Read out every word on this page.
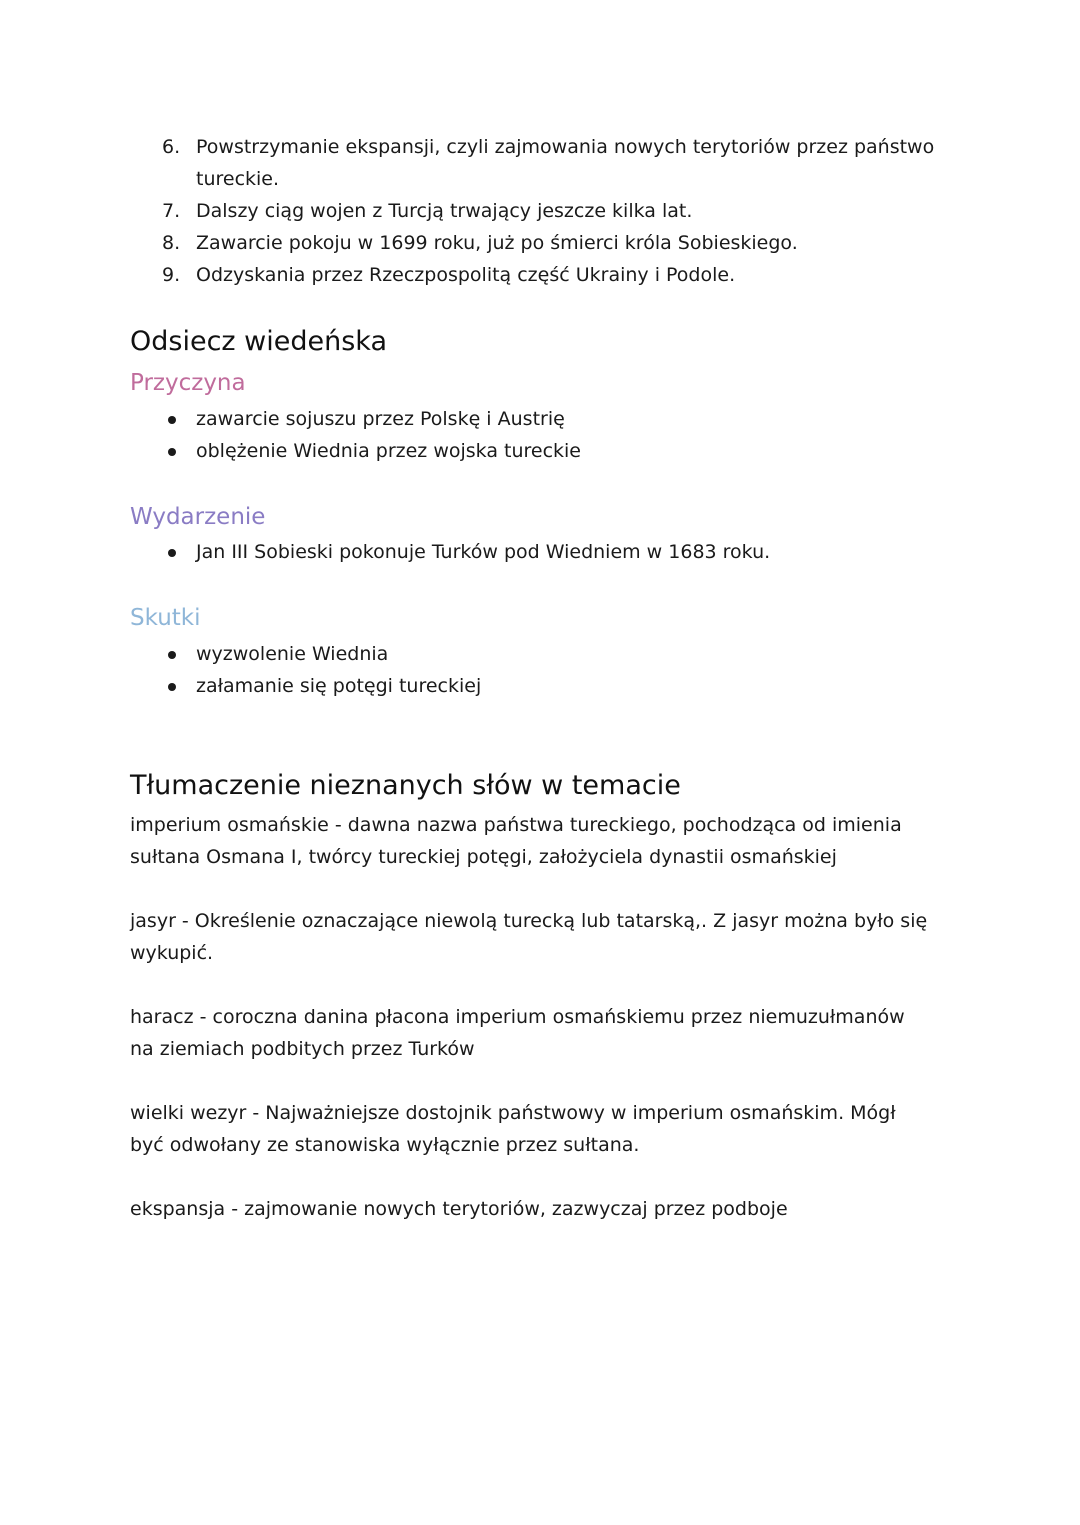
6. Powstrzymanie ekspansji, czyli zajmowania nowych terytoriów przez państwo tureckie.
7. Dalszy ciąg wojen z Turcją trwający jeszcze kilka lat.
8. Zawarcie pokoju w 1699 roku, już po śmierci króla Sobieskiego.
9. Odzyskania przez Rzeczpospolitą część Ukrainy i Podole.
Odsiecz wiedeńska
Przyczyna
zawarcie sojuszu przez Polskę i Austrię
oblężenie Wiednia przez wojska tureckie
Wydarzenie
Jan III Sobieski pokonuje Turków pod Wiedniem w 1683 roku.
Skutki
wyzwolenie Wiednia
załamanie się potęgi tureckiej
Tłumaczenie nieznanych słów w temacie

imperium osmańskie - dawna nazwa państwa tureckiego, pochodząca od imienia sułtana Osmana I, twórcy tureckiej potęgi, założyciela dynastii osmańskiej

jasyr - Określenie oznaczające niewolą turecką lub tatarską,. Z jasyr można było się wykupić.

haracz - coroczna danina płacona imperium osmańskiemu przez niemuzułmanów na ziemiach podbitych przez Turków

wielki wezyr - Najważniejsze dostojnik państwowy w imperium osmańskim. Mógł być odwołany ze stanowiska wyłącznie przez sułtana.

ekspansja - zajmowanie nowych terytoriów, zazwyczaj przez podboje
